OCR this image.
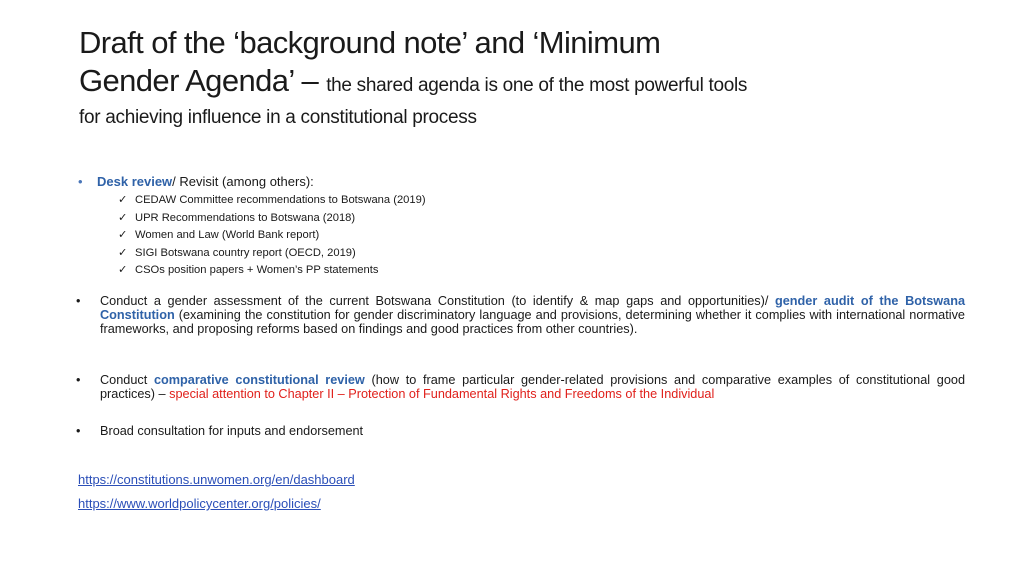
Draft of the ‘background note’ and ‘Minimum
Gender Agenda’ – the shared agenda is one of the most powerful tools
for achieving influence in a constitutional process
• Desk review/ Revisit (among others):
✓ CEDAW Committee recommendations to Botswana (2019)
✓ UPR Recommendations to Botswana (2018)
✓ Women and Law (World Bank report)
✓ SIGI Botswana country report (OECD, 2019)
✓ CSOs position papers + Women’s PP statements
• Conduct a gender assessment of the current Botswana Constitution (to identify & map gaps and opportunities)/ gender audit of the Botswana Constitution (examining the constitution for gender discriminatory language and provisions, determining whether it complies with international normative frameworks, and proposing reforms based on findings and good practices from other countries).
• Conduct comparative constitutional review (how to frame particular gender-related provisions and comparative examples of constitutional good practices) – special attention to Chapter II – Protection of Fundamental Rights and Freedoms of the Individual
• Broad consultation for inputs and endorsement
https://constitutions.unwomen.org/en/dashboard
https://www.worldpolicycenter.org/policies/
